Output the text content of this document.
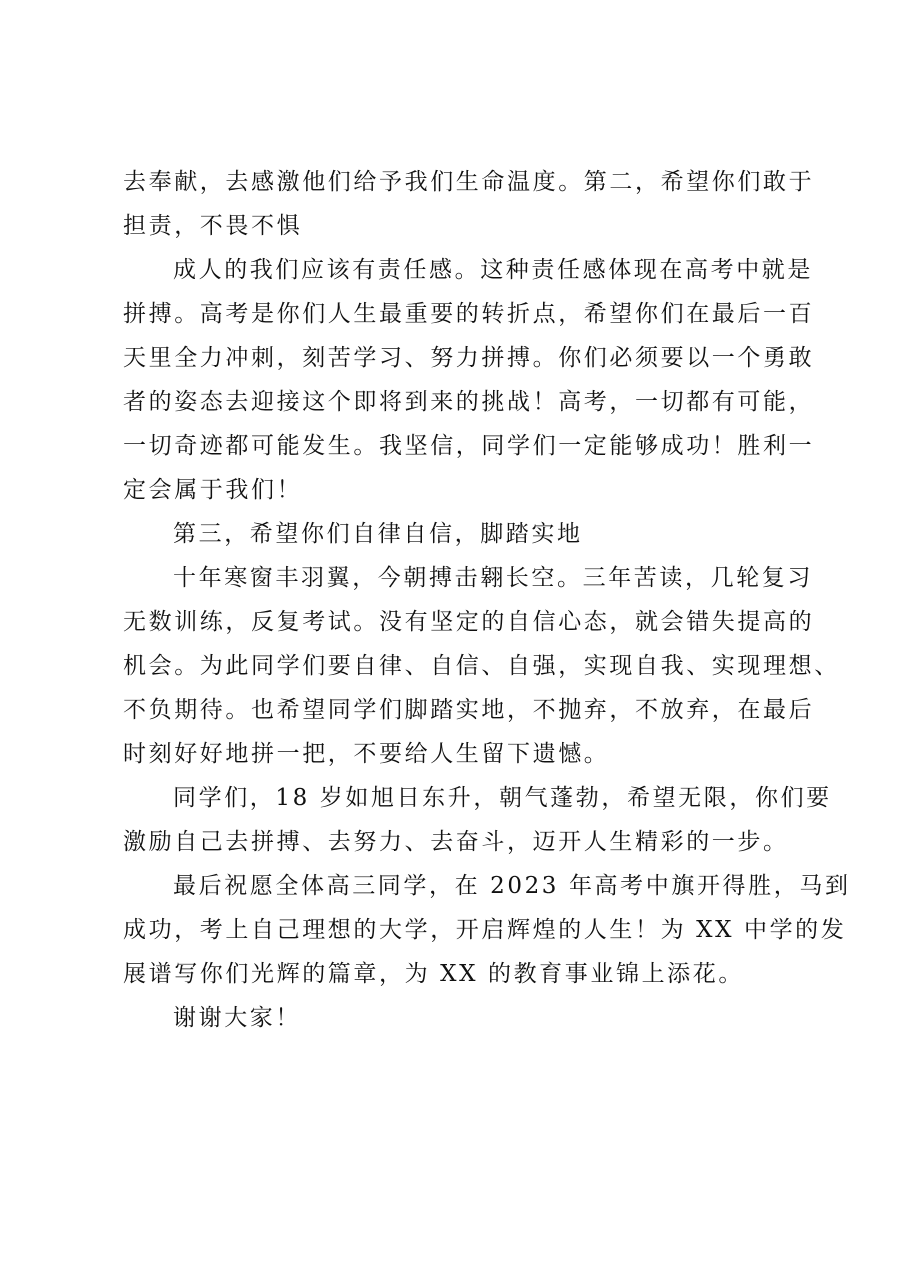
去奉献，去感激他们给予我们生命温度。第二，希望你们敢于
担责，不畏不惧
成人的我们应该有责任感。这种责任感体现在高考中就是
拼搏。高考是你们人生最重要的转折点，希望你们在最后一百
天里全力冲刺，刻苦学习、努力拼搏。你们必须要以一个勇敢
者的姿态去迎接这个即将到来的挑战！高考，一切都有可能，
一切奇迹都可能发生。我坚信，同学们一定能够成功！胜利一
定会属于我们！
第三，希望你们自律自信，脚踏实地
十年寒窗丰羽翼，今朝搏击翱长空。三年苦读，几轮复习
无数训练，反复考试。没有坚定的自信心态，就会错失提高的
机会。为此同学们要自律、自信、自强，实现自我、实现理想、
不负期待。也希望同学们脚踏实地，不抛弃，不放弃，在最后
时刻好好地拼一把，不要给人生留下遗憾。
同学们，18 岁如旭日东升，朝气蓬勃，希望无限，你们要
激励自己去拼搏、去努力、去奋斗，迈开人生精彩的一步。
最后祝愿全体高三同学，在 2023 年高考中旗开得胜，马到
成功，考上自己理想的大学，开启辉煌的人生！为 XX 中学的发
展谱写你们光辉的篇章，为 XX 的教育事业锦上添花。
谢谢大家！
